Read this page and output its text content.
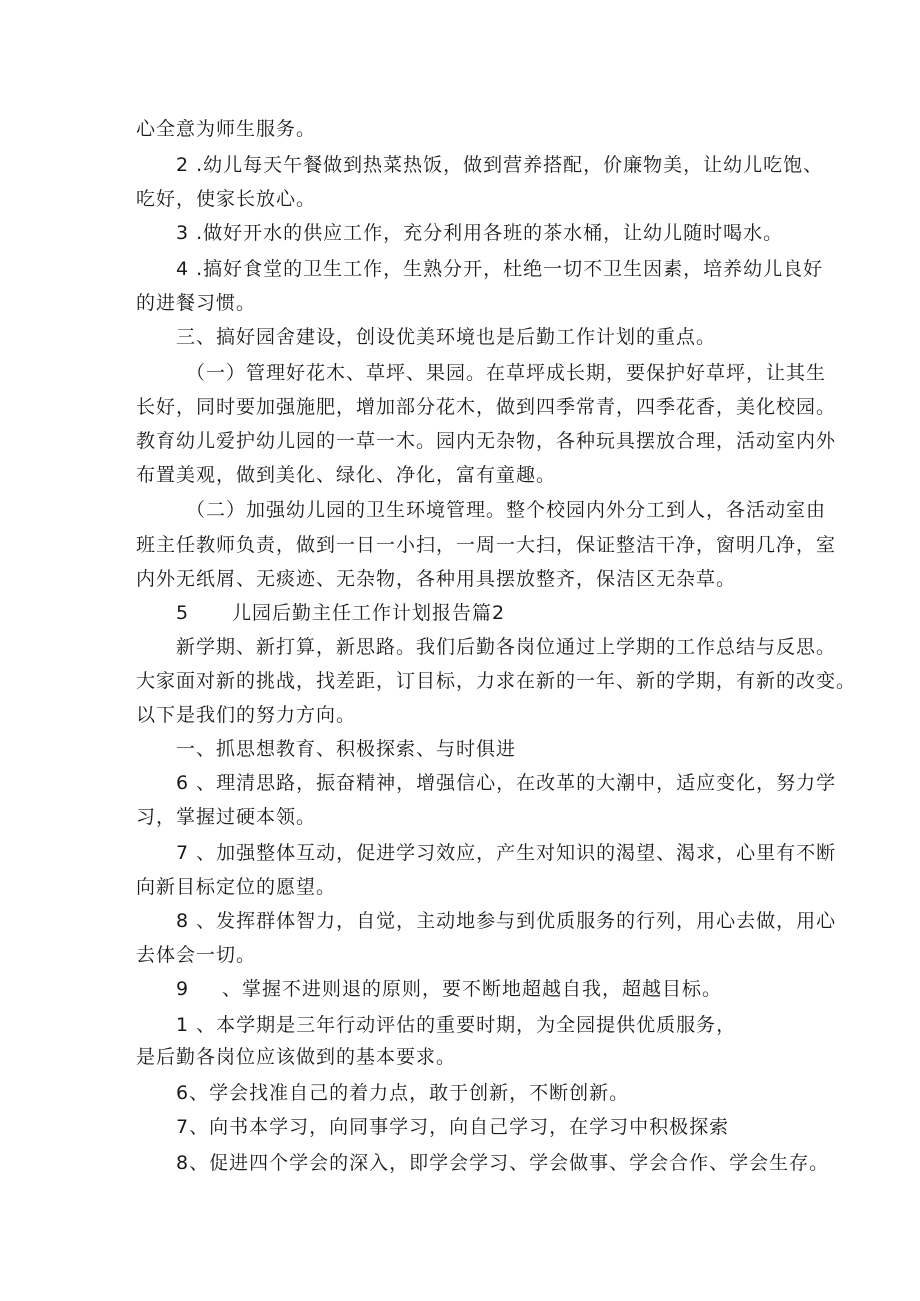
心全意为师生服务。
2 .幼儿每天午餐做到热菜热饭，做到营养搭配，价廉物美，让幼儿吃饱、
吃好，使家长放心。
3 .做好开水的供应工作，充分利用各班的茶水桶，让幼儿随时喝水。
4 .搞好食堂的卫生工作，生熟分开，杜绝一切不卫生因素，培养幼儿良好
的进餐习惯。
三、搞好园舍建设，创设优美环境也是后勤工作计划的重点。
（一）管理好花木、草坪、果园。在草坪成长期，要保护好草坪，让其生
长好，同时要加强施肥，增加部分花木，做到四季常青，四季花香，美化校园。
教育幼儿爱护幼儿园的一草一木。园内无杂物，各种玩具摆放合理，活动室内外
布置美观，做到美化、绿化、净化，富有童趣。
（二）加强幼儿园的卫生环境管理。整个校园内外分工到人，各活动室由
班主任教师负责，做到一日一小扫，一周一大扫，保证整洁干净，窗明几净，室
内外无纸屑、无痰迹、无杂物，各种用具摆放整齐，保洁区无杂草。
5 儿园后勤主任工作计划报告篇2
新学期、新打算，新思路。我们后勤各岗位通过上学期的工作总结与反思。
大家面对新的挑战，找差距，订目标，力求在新的一年、新的学期，有新的改变。
以下是我们的努力方向。
一、抓思想教育、积极探索、与时俱进
6 、理清思路，振奋精神，增强信心，在改革的大潮中，适应变化，努力学
习，掌握过硬本领。
7 、加强整体互动，促进学习效应，产生对知识的渴望、渴求，心里有不断
向新目标定位的愿望。
8 、发挥群体智力，自觉，主动地参与到优质服务的行列，用心去做，用心
去体会一切。
9 、掌握不进则退的原则，要不断地超越自我，超越目标。
1 、本学期是三年行动评估的重要时期，为全园提供优质服务，
是后勤各岗位应该做到的基本要求。
6、学会找准自己的着力点，敢于创新，不断创新。
7、向书本学习，向同事学习，向自己学习，在学习中积极探索
8、促进四个学会的深入，即学会学习、学会做事、学会合作、学会生存。
